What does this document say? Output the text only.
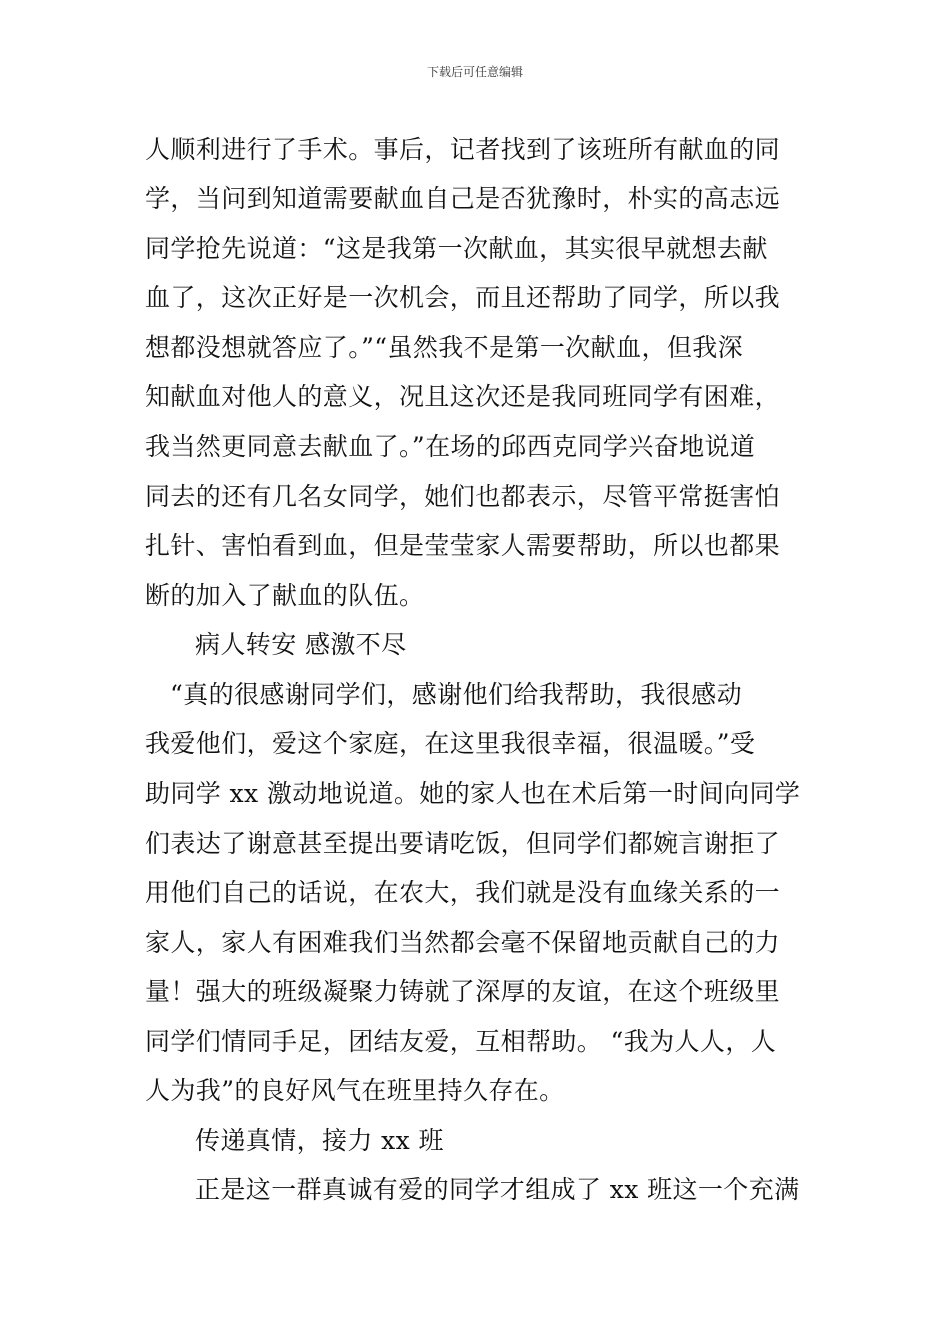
下载后可任意编辑
人顺利进行了手术。事后，记者找到了该班所有献血的同
学，当问到知道需要献血自己是否犹豫时，朴实的高志远
同学抢先说道：“这是我第一次献血，其实很早就想去献
血了，这次正好是一次机会，而且还帮助了同学，所以我
想都没想就答应了。”“虽然我不是第一次献血，但我深
知献血对他人的意义，况且这次还是我同班同学有困难，
我当然更同意去献血了。”在场的邱西克同学兴奋地说道
同去的还有几名女同学，她们也都表示，尽管平常挺害怕
扎针、害怕看到血，但是莹莹家人需要帮助，所以也都果
断的加入了献血的队伍。
病人转安 感激不尽
“真的很感谢同学们，感谢他们给我帮助，我很感动
我爱他们，爱这个家庭，在这里我很幸福，很温暖。”受
助同学 xx 激动地说道。她的家人也在术后第一时间向同学
们表达了谢意甚至提出要请吃饭，但同学们都婉言谢拒了
用他们自己的话说，在农大，我们就是没有血缘关系的一
家人，家人有困难我们当然都会毫不保留地贡献自己的力
量！强大的班级凝聚力铸就了深厚的友谊，在这个班级里
同学们情同手足，团结友爱，互相帮助。 “我为人人，人
人为我”的良好风气在班里持久存在。
传递真情，接力 xx 班
正是这一群真诚有爱的同学才组成了 xx 班这一个充满
